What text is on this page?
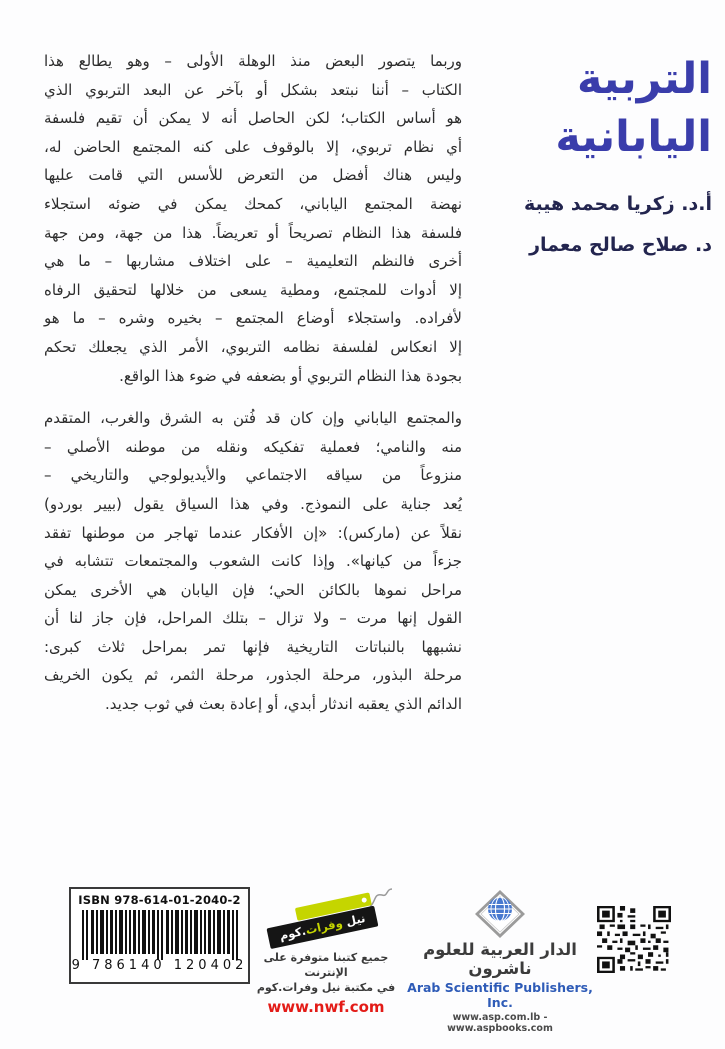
وربما يتصور البعض منذ الوهلة الأولى – وهو يطالع هذا
الكتاب – أننا نبتعد بشكل أو بآخر عن البعد التربوي الذي
هو أساس الكتاب؛ لكن الحاصل أنه لا يمكن أن تقيم فلسفة
أي نظام تربوي، إلا بالوقوف على كنه المجتمع الحاضن له،
وليس هناك أفضل من التعرض للأسس التي قامت عليها
نهضة المجتمع الياباني، كمحك يمكن في ضوئه استجلاء
فلسفة هذا النظام تصريحاً أو تعريضاً. هذا من جهة، ومن جهة
أخرى فالنظم التعليمية – على اختلاف مشاربها – ما هي
إلا أدوات للمجتمع، ومطية يسعى من خلالها لتحقيق الرفاه
لأفراده. واستجلاء أوضاع المجتمع – بخيره وشره – ما هو
إلا انعكاس لفلسفة نظامه التربوي، الأمر الذي يجعلك تحكم
بجودة هذا النظام التربوي أو بضعفه في ضوء هذا الواقع.
والمجتمع الياباني وإن كان قد فُتن به الشرق والغرب، المتقدم
منه والنامي؛ فعملية تفكيكه ونقله من موطنه الأصلي –
منزوعاً من سياقه الاجتماعي والأيديولوجي والتاريخي –
يُعد جناية على النموذج. وفي هذا السياق يقول (بيير بوردو)
نقلاً عن (ماركس): «إن الأفكار عندما تهاجر من موطنها تفقد
جزءاً من كيانها». وإذا كانت الشعوب والمجتمعات تتشابه في
مراحل نموها بالكائن الحي؛ فإن اليابان هي الأخرى يمكن
القول إنها مرت – ولا تزال – بتلك المراحل، فإن جاز لنا أن
نشبهها بالنباتات التاريخية فإنها تمر بمراحل ثلاث كبرى:
مرحلة البذور، مرحلة الجذور، مرحلة الثمر، ثم يكون الخريف
الدائم الذي يعقبه اندثار أبدي، أو إعادة بعث في ثوب جديد.
التربية
اليابانية
أ.د. زكريا محمد هيبة
د. صلاح صالح معمار
ISBN 978-614-01-2040-2
9 786140 120402
نيل وفرات.كوم
جميع كتبنا متوفرة على الإنترنت
في مكتبة نيل وفرات.كوم
www.nwf.com
الدار العربية للعلوم ناشرون
Arab Scientific Publishers, Inc.
www.asp.com.lb - www.aspbooks.com
